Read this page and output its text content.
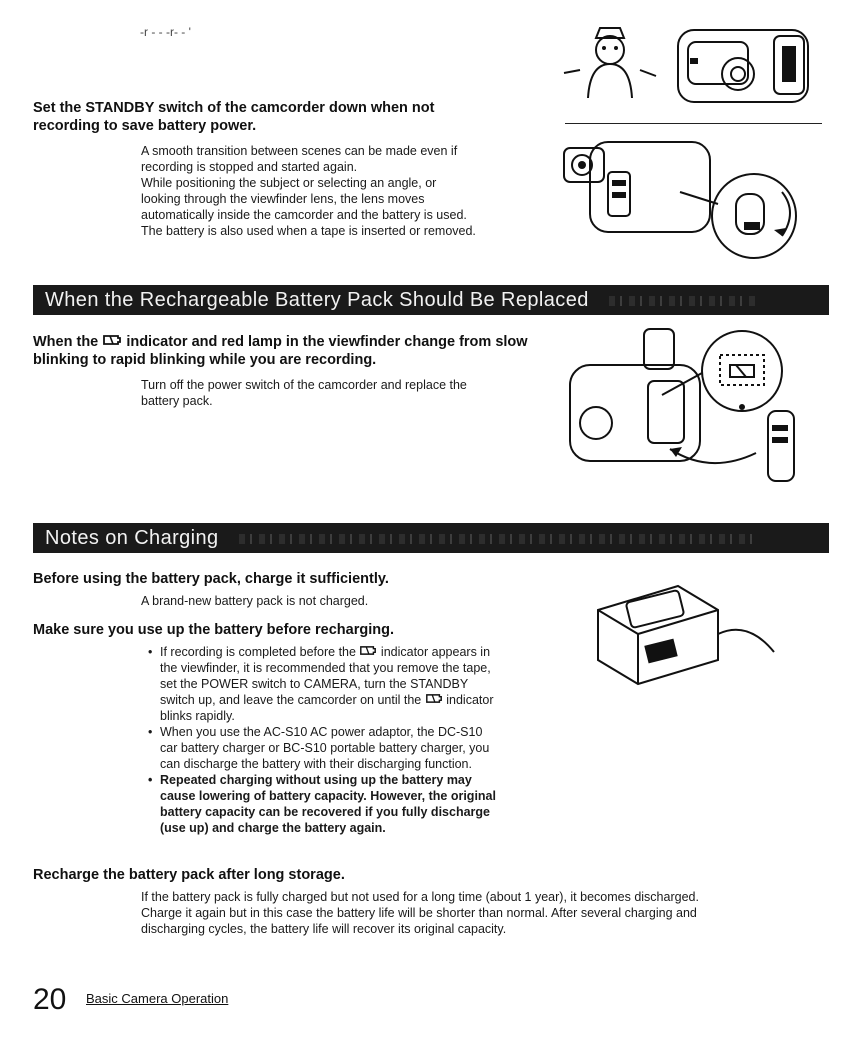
-r - - -r- - '
Set the STANDBY switch of the camcorder down when not recording to save battery power.
A smooth transition between scenes can be made even if
recording is stopped and started again.
While positioning the subject or selecting an angle, or
looking through the viewfinder lens, the lens moves
automatically inside the camcorder and the battery is used.
The battery is also used when a tape is inserted or removed.
When the Rechargeable Battery Pack Should Be Replaced
When the indicator and red lamp in the viewfinder change from slow blinking to rapid blinking while you are recording.
Turn off the power switch of the camcorder and replace the
battery pack.
Notes on Charging
Before using the battery pack, charge it sufficiently.
A brand-new battery pack is not charged.
Make sure you use up the battery before recharging.
• If recording is completed before the indicator appears in
the viewfinder, it is recommended that you remove the tape,
set the POWER switch to CAMERA, turn the STANDBY
switch up, and leave the camcorder on until the indicator
blinks rapidly.
• When you use the AC-S10 AC power adaptor, the DC-S10
car battery charger or BC-S10 portable battery charger, you
can discharge the battery with their discharging function.
• Repeated charging without using up the battery may
cause lowering of battery capacity. However, the original
battery capacity can be recovered if you fully discharge
(use up) and charge the battery again.
Recharge the battery pack after long storage.
If the battery pack is fully charged but not used for a long time (about 1 year), it becomes discharged.
Charge it again but in this case the battery life will be shorter than normal. After several charging and
discharging cycles, the battery life will recover its original capacity.
20 Basic Camera Operation
